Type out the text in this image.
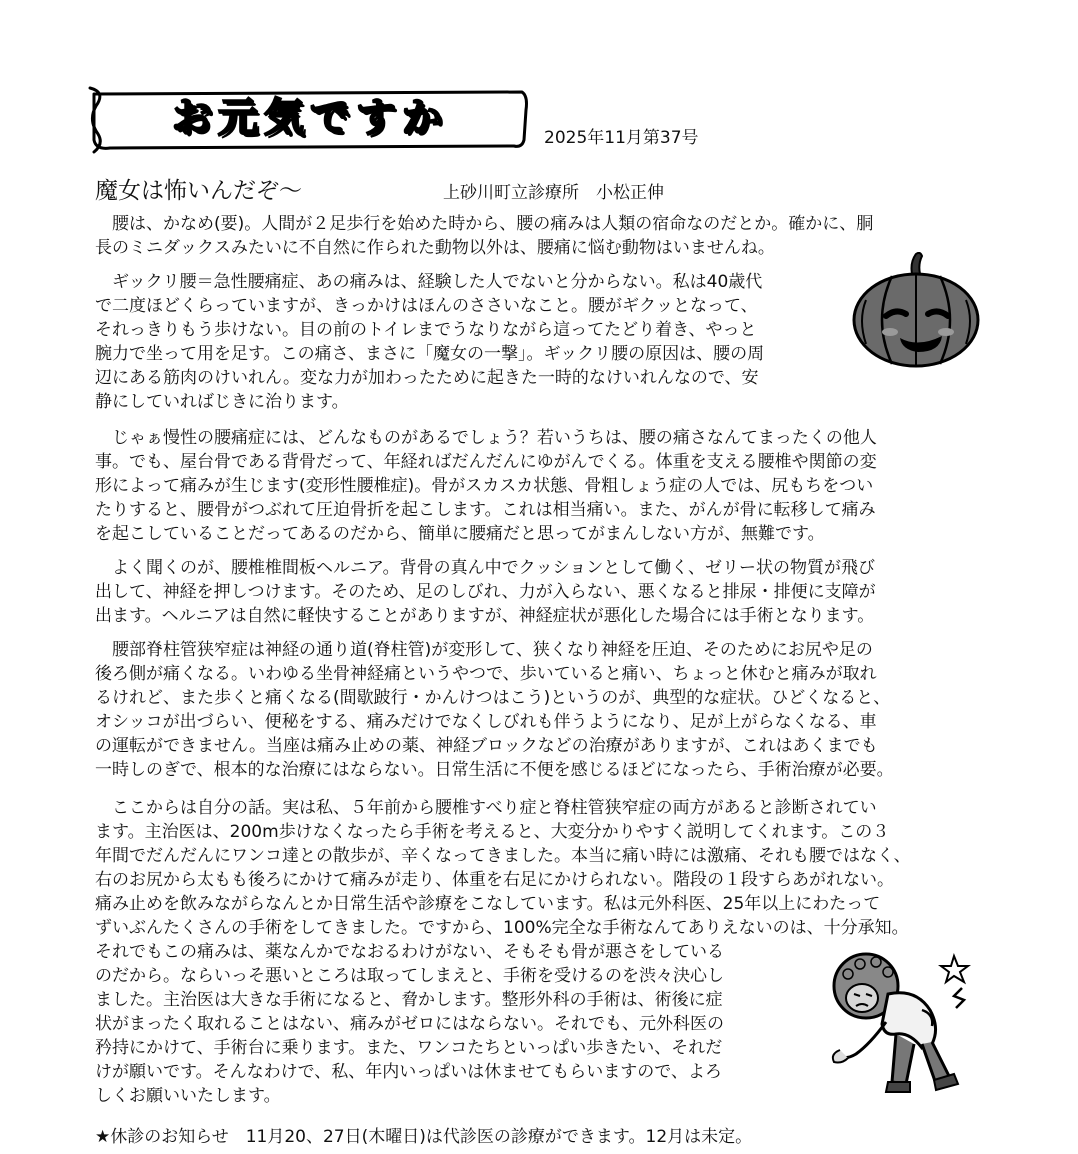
お元気ですか	2025年11月第37号
魔女は怖いんだぞ～	上砂川町立診療所　小松正伸
　腰は、かなめ(要)。人間が２足歩行を始めた時から、腰の痛みは人類の宿命なのだとか。確かに、胴
長のミニダックスみたいに不自然に作られた動物以外は、腰痛に悩む動物はいませんね。
　ギックリ腰＝急性腰痛症、あの痛みは、経験した人でないと分からない。私は40歳代
で二度ほどくらっていますが、きっかけはほんのささいなこと。腰がギクッとなって、
それっきりもう歩けない。目の前のトイレまでうなりながら這ってたどり着き、やっと
腕力で坐って用を足す。この痛さ、まさに「魔女の一撃」。ギックリ腰の原因は、腰の周
辺にある筋肉のけいれん。変な力が加わったために起きた一時的なけいれんなので、安
静にしていればじきに治ります。
　じゃぁ慢性の腰痛症には、どんなものがあるでしょう？若いうちは、腰の痛さなんてまったくの他人
事。でも、屋台骨である背骨だって、年経ればだんだんにゆがんでくる。体重を支える腰椎や関節の変
形によって痛みが生じます(変形性腰椎症)。骨がスカスカ状態、骨粗しょう症の人では、尻もちをつい
たりすると、腰骨がつぶれて圧迫骨折を起こします。これは相当痛い。また、がんが骨に転移して痛み
を起こしていることだってあるのだから、簡単に腰痛だと思ってがまんしない方が、無難です。
　よく聞くのが、腰椎椎間板ヘルニア。背骨の真ん中でクッションとして働く、ゼリー状の物質が飛び
出して、神経を押しつけます。そのため、足のしびれ、力が入らない、悪くなると排尿・排便に支障が
出ます。ヘルニアは自然に軽快することがありますが、神経症状が悪化した場合には手術となります。
　腰部脊柱管狭窄症は神経の通り道(脊柱管)が変形して、狭くなり神経を圧迫、そのためにお尻や足の
後ろ側が痛くなる。いわゆる坐骨神経痛というやつで、歩いていると痛い、ちょっと休むと痛みが取れ
るけれど、また歩くと痛くなる(間歇跛行・かんけつはこう)というのが、典型的な症状。ひどくなると、
オシッコが出づらい、便秘をする、痛みだけでなくしびれも伴うようになり、足が上がらなくなる、車
の運転ができません。当座は痛み止めの薬、神経ブロックなどの治療がありますが、これはあくまでも
一時しのぎで、根本的な治療にはならない。日常生活に不便を感じるほどになったら、手術治療が必要。
　ここからは自分の話。実は私、５年前から腰椎すべり症と脊柱管狭窄症の両方があると診断されてい
ます。主治医は、200m歩けなくなったら手術を考えると、大変分かりやすく説明してくれます。この３
年間でだんだんにワンコ達との散歩が、辛くなってきました。本当に痛い時には激痛、それも腰ではなく、
右のお尻から太もも後ろにかけて痛みが走り、体重を右足にかけられない。階段の１段すらあがれない。
痛み止めを飲みながらなんとか日常生活や診療をこなしています。私は元外科医、25年以上にわたって
ずいぶんたくさんの手術をしてきました。ですから、100%完全な手術なんてありえないのは、十分承知。
それでもこの痛みは、薬なんかでなおるわけがない、そもそも骨が悪さをしている
のだから。ならいっそ悪いところは取ってしまえと、手術を受けるのを渋々決心し
ました。主治医は大きな手術になると、脅かします。整形外科の手術は、術後に症
状がまったく取れることはない、痛みがゼロにはならない。それでも、元外科医の
矜持にかけて、手術台に乗ります。また、ワンコたちといっぱい歩きたい、それだ
けが願いです。そんなわけで、私、年内いっぱいは休ませてもらいますので、よろ
しくお願いいたします。
★休診のお知らせ　11月20、27日(木曜日)は代診医の診療ができます。12月は未定。
